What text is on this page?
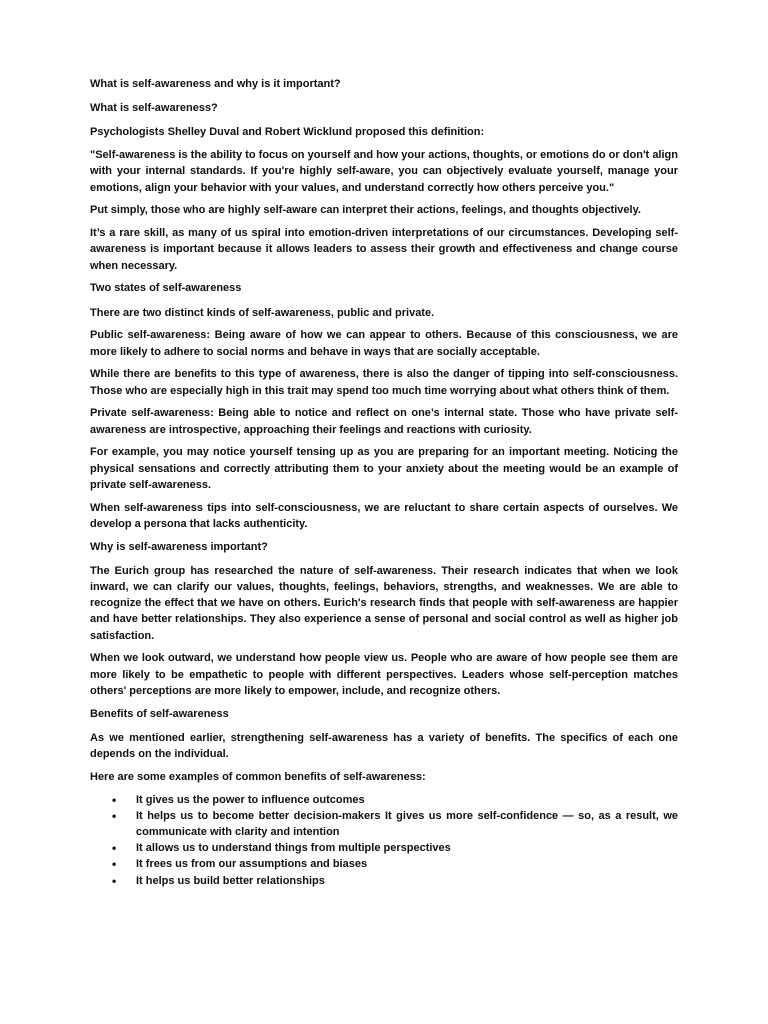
What is self-awareness and why is it important?

What is self-awareness?

Psychologists Shelley Duval and Robert Wicklund proposed this definition:

"Self-awareness is the ability to focus on yourself and how your actions, thoughts, or emotions do or don't align with your internal standards. If you're highly self-aware, you can objectively evaluate yourself, manage your emotions, align your behavior with your values, and understand correctly how others perceive you."

Put simply, those who are highly self-aware can interpret their actions, feelings, and thoughts objectively.

It’s a rare skill, as many of us spiral into emotion-driven interpretations of our circumstances. Developing self-awareness is important because it allows leaders to assess their growth and effectiveness and change course when necessary.

Two states of self-awareness

There are two distinct kinds of self-awareness, public and private.

Public self-awareness: Being aware of how we can appear to others. Because of this consciousness, we are more likely to adhere to social norms and behave in ways that are socially acceptable.

While there are benefits to this type of awareness, there is also the danger of tipping into self-consciousness. Those who are especially high in this trait may spend too much time worrying about what others think of them.

Private self-awareness: Being able to notice and reflect on one’s internal state. Those who have private self-awareness are introspective, approaching their feelings and reactions with curiosity.

For example, you may notice yourself tensing up as you are preparing for an important meeting. Noticing the physical sensations and correctly attributing them to your anxiety about the meeting would be an example of private self-awareness.

When self-awareness tips into self-consciousness, we are reluctant to share certain aspects of ourselves. We develop a persona that lacks authenticity.

Why is self-awareness important?

The Eurich group has researched the nature of self-awareness. Their research indicates that when we look inward, we can clarify our values, thoughts, feelings, behaviors, strengths, and weaknesses. We are able to recognize the effect that we have on others. Eurich's research finds that people with self-awareness are happier and have better relationships. They also experience a sense of personal and social control as well as higher job satisfaction.

When we look outward, we understand how people view us. People who are aware of how people see them are more likely to be empathetic to people with different perspectives. Leaders whose self-perception matches others' perceptions are more likely to empower, include, and recognize others.

Benefits of self-awareness

As we mentioned earlier, strengthening self-awareness has a variety of benefits. The specifics of each one depends on the individual.

Here are some examples of common benefits of self-awareness:

• It gives us the power to influence outcomes
• It helps us to become better decision-makers It gives us more self-confidence — so, as a result, we communicate with clarity and intention
• It allows us to understand things from multiple perspectives
• It frees us from our assumptions and biases
• It helps us build better relationships
